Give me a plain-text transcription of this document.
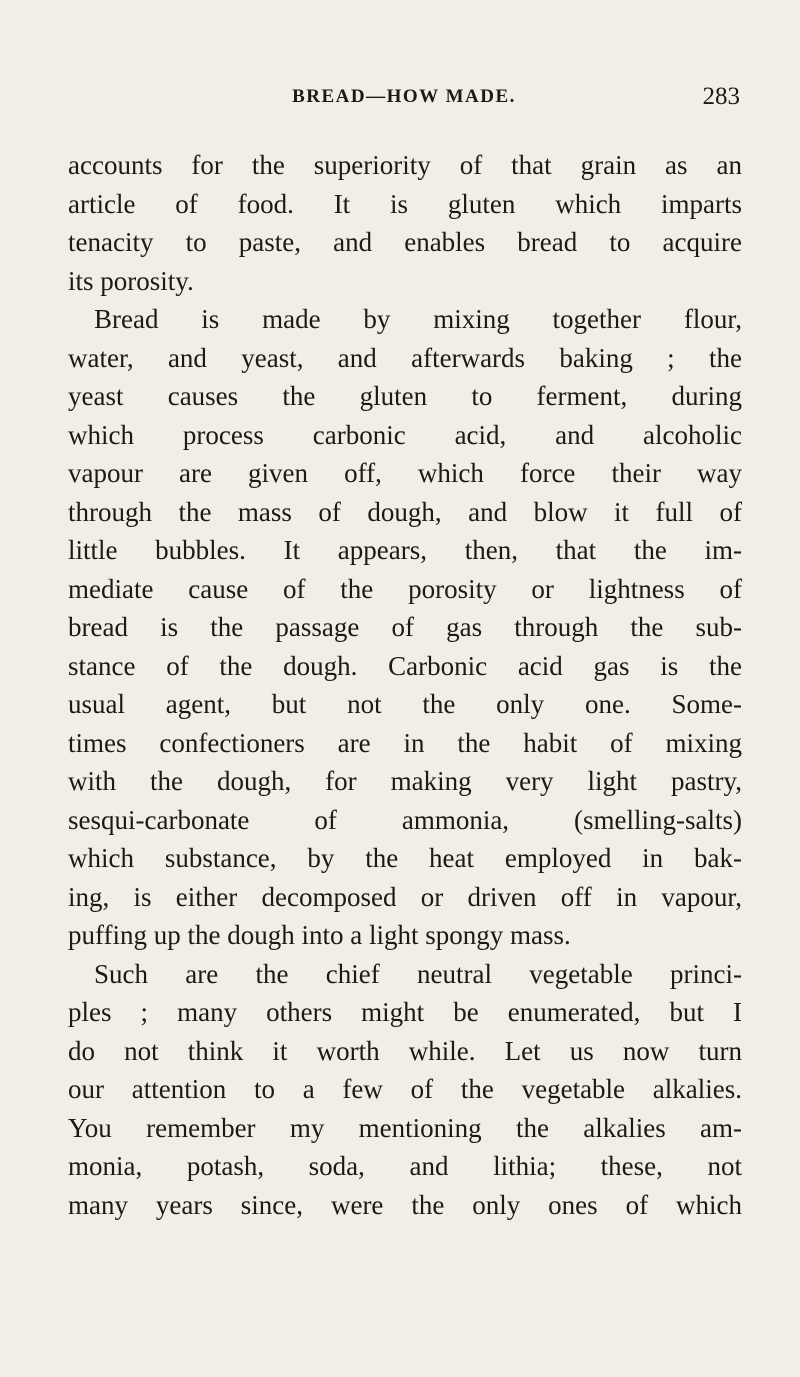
BREAD—HOW MADE.	283
accounts for the superiority of that grain as an
article of food. It is gluten which imparts
tenacity to paste, and enables bread to acquire
its porosity.
Bread is made by mixing together flour,
water, and yeast, and afterwards baking ; the
yeast causes the gluten to ferment, during
which process carbonic acid, and alcoholic
vapour are given off, which force their way
through the mass of dough, and blow it full of
little bubbles. It appears, then, that the im-
mediate cause of the porosity or lightness of
bread is the passage of gas through the sub-
stance of the dough. Carbonic acid gas is the
usual agent, but not the only one. Some-
times confectioners are in the habit of mixing
with the dough, for making very light pastry,
sesqui-carbonate of ammonia, (smelling-salts)
which substance, by the heat employed in bak-
ing, is either decomposed or driven off in vapour,
puffing up the dough into a light spongy mass.
Such are the chief neutral vegetable princi-
ples ; many others might be enumerated, but I
do not think it worth while. Let us now turn
our attention to a few of the vegetable alkalies.
You remember my mentioning the alkalies am-
monia, potash, soda, and lithia; these, not
many years since, were the only ones of which
